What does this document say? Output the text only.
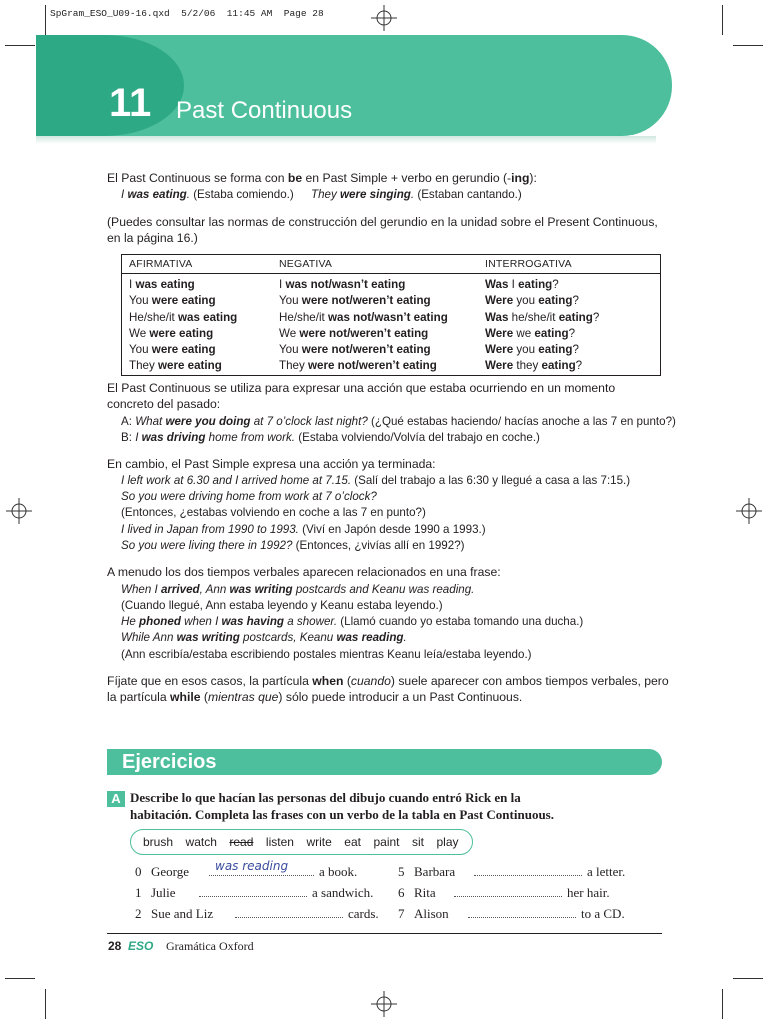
SpGram_ESO_U09-16.qxd  5/2/06  11:45 AM  Page 28
11 Past Continuous
El Past Continuous se forma con be en Past Simple + verbo en gerundio (-ing):
I was eating. (Estaba comiendo.) They were singing. (Estaban cantando.)
(Puedes consultar las normas de construcción del gerundio en la unidad sobre el Present Continuous,
en la página 16.)
AFIRMATIVA	NEGATIVA	INTERROGATIVA
I was eating	I was not/wasn’t eating	Was I eating?
You were eating	You were not/weren’t eating	Were you eating?
He/she/it was eating	He/she/it was not/wasn’t eating	Was he/she/it eating?
We were eating	We were not/weren’t eating	Were we eating?
You were eating	You were not/weren’t eating	Were you eating?
They were eating	They were not/weren’t eating	Were they eating?
El Past Continuous se utiliza para expresar una acción que estaba ocurriendo en un momento
concreto del pasado:
A: What were you doing at 7 o’clock last night? (¿Qué estabas haciendo/ hacías anoche a las 7 en punto?)
B: I was driving home from work. (Estaba volviendo/Volvía del trabajo en coche.)
En cambio, el Past Simple expresa una acción ya terminada:
I left work at 6.30 and I arrived home at 7.15. (Salí del trabajo a las 6:30 y llegué a casa a las 7:15.)
So you were driving home from work at 7 o’clock?
(Entonces, ¿estabas volviendo en coche a las 7 en punto?)
I lived in Japan from 1990 to 1993. (Viví en Japón desde 1990 a 1993.)
So you were living there in 1992? (Entonces, ¿vivías allí en 1992?)
A menudo los dos tiempos verbales aparecen relacionados en una frase:
When I arrived, Ann was writing postcards and Keanu was reading.
(Cuando llegué, Ann estaba leyendo y Keanu estaba leyendo.)
He phoned when I was having a shower. (Llamó cuando yo estaba tomando una ducha.)
While Ann was writing postcards, Keanu was reading.
(Ann escribía/estaba escribiendo postales mientras Keanu leía/estaba leyendo.)
Fíjate que en esos casos, la partícula when (cuando) suele aparecer con ambos tiempos verbales, pero
la partícula while (mientras que) sólo puede introducir a un Past Continuous.
Ejercicios
A Describe lo que hacían las personas del dibujo cuando entró Rick en la
habitación. Completa las frases con un verbo de la tabla en Past Continuous.
brush watch read listen write eat paint sit play
0 George was reading a book.
1 Julie	a sandwich.
2 Sue and Liz	cards.
5 Barbara	a letter.
6 Rita	her hair.
7 Alison	to a CD.
28 ESO Gramática Oxford
